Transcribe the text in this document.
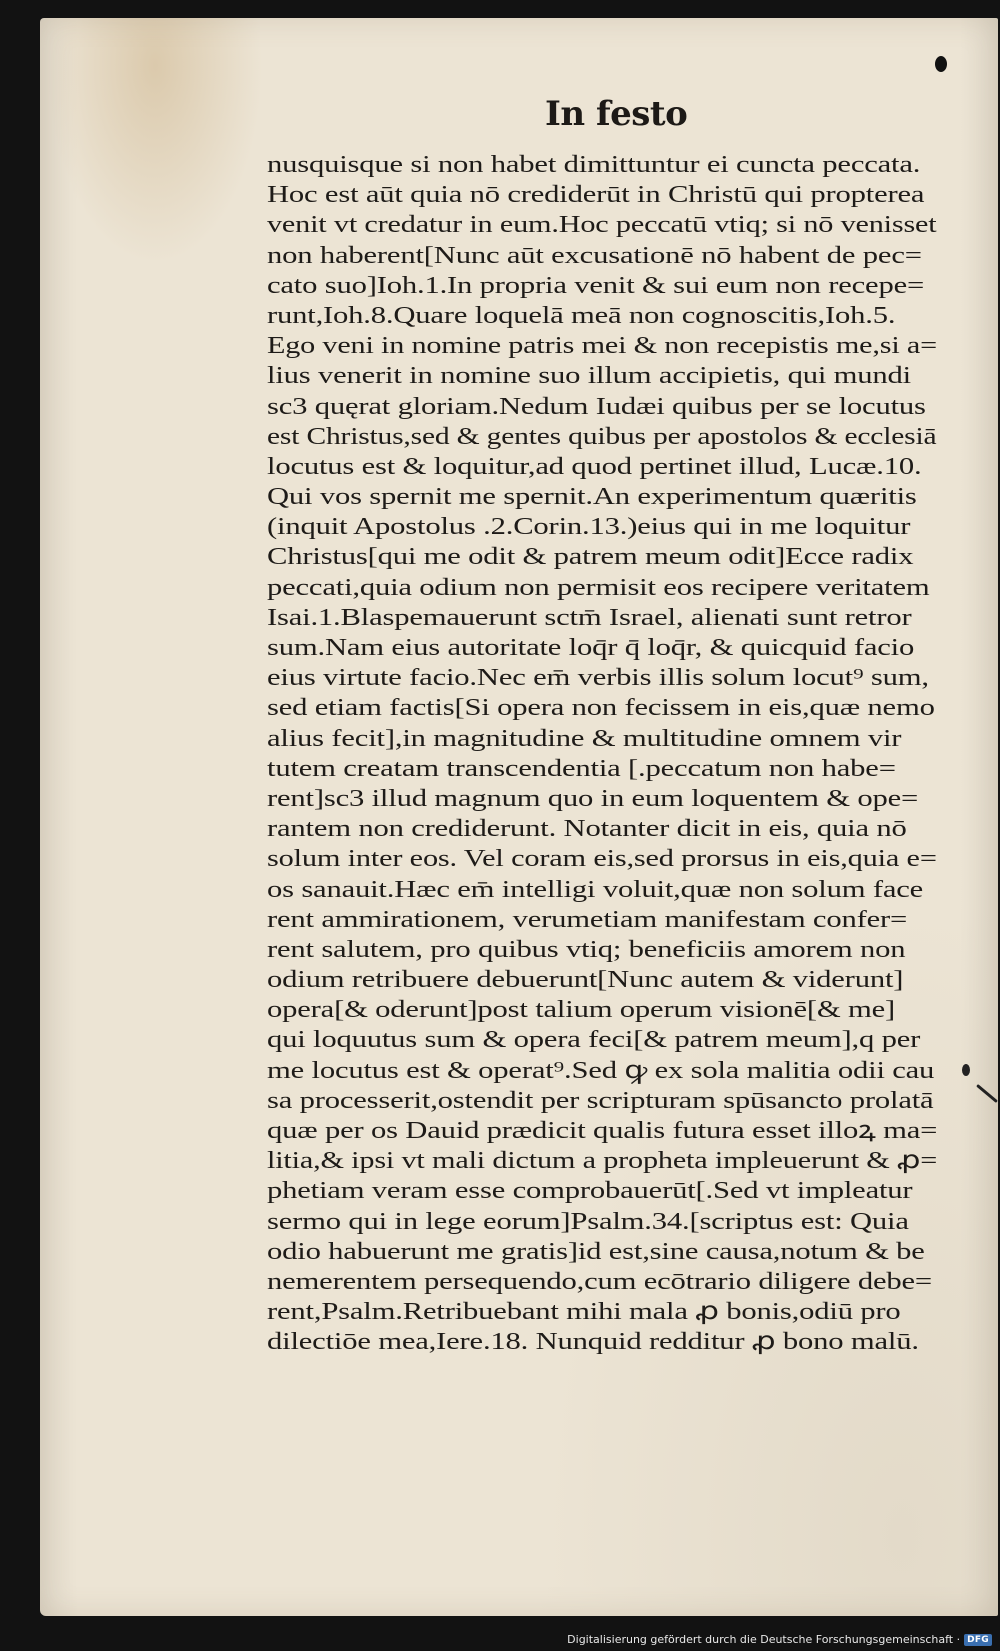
In festo
nusquisque si non habet dimittuntur ei cuncta peccata.
Hoc est aūt quia nō crediderūt in Christū qui propterea
venit vt credatur in eum.Hoc peccatū vtiq; si nō venisset
non haberent[Nunc aūt excusationē nō habent de pec=
cato suo]Ioh.1.In propria venit & sui eum non recepe=
runt,Ioh.8.Quare loquelā meā non cognoscitis,Ioh.5.
Ego veni in nomine patris mei & non recepistis me,si a=
lius venerit in nomine suo illum accipietis, qui mundi
sc3 quęrat gloriam.Nedum Iudæi quibus per se locutus
est Christus,sed & gentes quibus per apostolos & ecclesiā
locutus est & loquitur,ad quod pertinet illud, Lucæ.10.
Qui vos spernit me spernit.An experimentum quæritis
(inquit Apostolus .2.Corin.13.)eius qui in me loquitur
Christus[qui me odit & patrem meum odit]Ecce radix
peccati,quia odium non permisit eos recipere veritatem
Isai.1.Blaspemauerunt sctm̄ Israel, alienati sunt retror
sum.Nam eius autoritate loq̄r q̄ loq̄r, & quicquid facio
eius virtute facio.Nec em̄ verbis illis solum locut⁹ sum,
sed etiam factis[Si opera non fecissem in eis,quæ nemo
alius fecit],in magnitudine & multitudine omnem vir
tutem creatam transcendentia [.peccatum non habe=
rent]sc3 illud magnum quo in eum loquentem & ope=
rantem non crediderunt. Notanter dicit in eis, quia nō
solum inter eos. Vel coram eis,sed prorsus in eis,quia e=
os sanauit.Hæc em̄ intelligi voluit,quæ non solum face
rent ammirationem, verumetiam manifestam confer=
rent salutem, pro quibus vtiq; beneficiis amorem non
odium retribuere debuerunt[Nunc autem & viderunt]
opera[& oderunt]post talium operum visionē[& me]
qui loquutus sum & opera feci[& patrem meum],q per
me locutus est & operat⁹.Sed ꝙ ex sola malitia odii cau
sa processerit,ostendit per scripturam spūsancto prolatā
quæ per os Dauid prædicit qualis futura esset illoꝝ ma=
litia,& ipsi vt mali dictum a propheta impleuerunt & ꝓ=
phetiam veram esse comprobauerūt[.Sed vt impleatur
sermo qui in lege eorum]Psalm.34.[scriptus est: Quia
odio habuerunt me gratis]id est,sine causa,notum & be
nemerentem persequendo,cum ecōtrario diligere debe=
rent,Psalm.Retribuebant mihi mala ꝓ bonis,odiū pro
dilectiōe mea,Iere.18. Nunquid redditur ꝓ bono malū.
Digitalisierung gefördert durch die Deutsche Forschungsgemeinschaft · DFG
